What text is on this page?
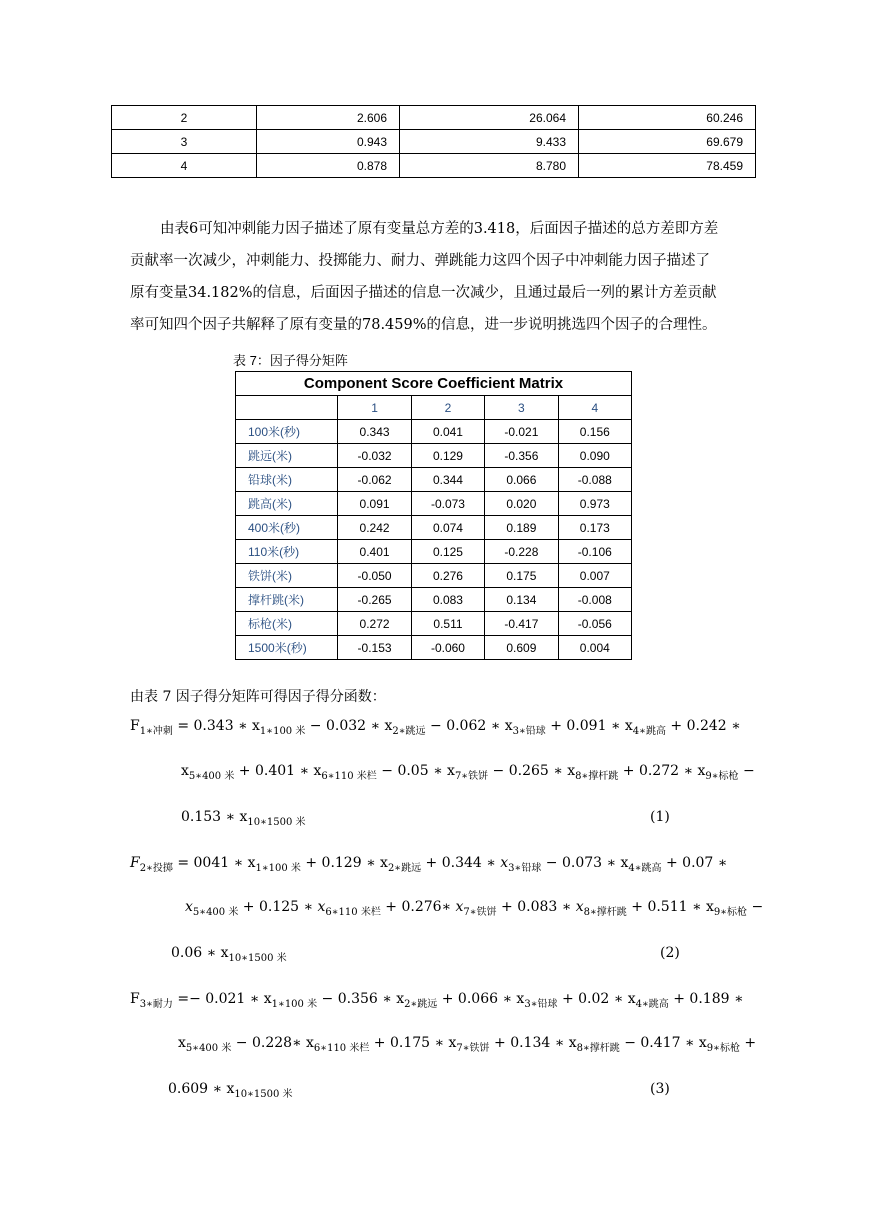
2	2.606	26.064	60.246
3	0.943	9.433	69.679
4	0.878	8.780	78.459
由表6可知冲刺能力因子描述了原有变量总方差的3.418，后面因子描述的总方差即方差
贡献率一次减少，冲刺能力、投掷能力、耐力、弹跳能力这四个因子中冲刺能力因子描述了
原有变量34.182%的信息，后面因子描述的信息一次减少，且通过最后一列的累计方差贡献
率可知四个因子共解释了原有变量的78.459%的信息，进一步说明挑选四个因子的合理性。
表 7：因子得分矩阵
Component Score Coefficient Matrix				
	1	2	3	4
100米(秒)	0.343	0.041	-0.021	0.156
跳远(米)	-0.032	0.129	-0.356	0.090
铅球(米)	-0.062	0.344	0.066	-0.088
跳高(米)	0.091	-0.073	0.020	0.973
400米(秒)	0.242	0.074	0.189	0.173
110米(秒)	0.401	0.125	-0.228	-0.106
铁饼(米)	-0.050	0.276	0.175	0.007
撑杆跳(米)	-0.265	0.083	0.134	-0.008
标枪(米)	0.272	0.511	-0.417	-0.056
1500米(秒)	-0.153	-0.060	0.609	0.004
由表 7 因子得分矩阵可得因子得分函数：
$F_{1∗冲刺} = 0.343$ ∗ $x_{1∗100 米} - 0.032$ ∗ $x_{2∗跳远} - 0.062$ ∗ $x_{3∗铅球} + 0.091$ ∗ $x_{4∗跳高} + 0.242$ ∗
$x_{5∗400 米} + 0.401$ ∗ $x_{6∗110 米栏} - 0.05$ ∗ $x_{7∗铁饼} - 0.265$ ∗ $x_{8∗撑杆跳} + 0.272$ ∗ $x_{9∗标枪}$ −
0.153 ∗ $x_{10∗1500 米}$	(1)
$F_{2∗投掷} = 0041$ ∗ $x_{1∗100 米} + 0.129$ ∗ $x_{2∗跳远} + 0.344$ ∗ $x_{3∗铅球} - 0.073$ ∗ $x_{4∗跳高} + 0.07$ ∗
$x_{5∗400 米} + 0.125$ ∗ $x_{6∗110 米栏}$ + 0.276∗ $x_{7∗铁饼} + 0.083$ ∗ $x_{8∗撑杆跳} + 0.511$ ∗ $x_{9∗标枪}$ −
0.06 ∗ $x_{10∗1500 米}$	(2)
$F_{3∗耐力} =- 0.021$ ∗ $x_{1∗100 米} - 0.356$ ∗ $x_{2∗跳远} + 0.066$ ∗ $x_{3∗铅球} + 0.02$ ∗ $x_{4∗跳高} + 0.189$ ∗
$x_{5∗400 米}$ − 0.228∗ $x_{6∗110 米栏} + 0.175$ ∗ $x_{7∗铁饼} + 0.134$ ∗ $x_{8∗撑杆跳} - 0.417$ ∗ $x_{9∗标枪}$ +
0.609 ∗ $x_{10∗1500 米}$	(3)
